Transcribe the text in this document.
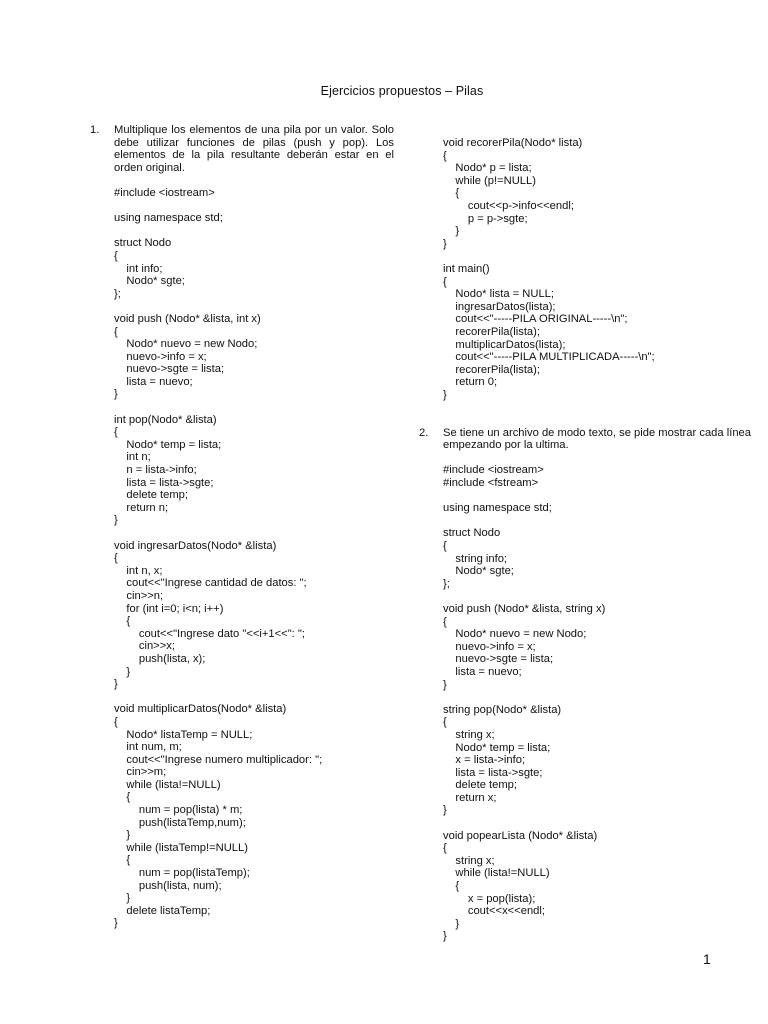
Ejercicios propuestos – Pilas
1. Multiplique los elementos de una pila por un valor. Solo debe utilizar funciones de pilas (push y pop). Los elementos de la pila resultante deberán estar en el orden original.
#include <iostream>
using namespace std;
struct Nodo
{
int info;
Nodo* sgte;
};
void push (Nodo* &lista, int x)
{
Nodo* nuevo = new Nodo;
nuevo->info = x;
nuevo->sgte = lista;
lista = nuevo;
}
int pop(Nodo* &lista)
{
Nodo* temp = lista;
int n;
n = lista->info;
lista = lista->sgte;
delete temp;
return n;
}
void ingresarDatos(Nodo* &lista)
{
int n, x;
cout<<"Ingrese cantidad de datos: ";
cin>>n;
for (int i=0; i<n; i++)
{
cout<<"Ingrese dato "<<i+1<<": ";
cin>>x;
push(lista, x);
}
}
void multiplicarDatos(Nodo* &lista)
{
Nodo* listaTemp = NULL;
int num, m;
cout<<"Ingrese numero multiplicador: ";
cin>>m;
while (lista!=NULL)
{
num = pop(lista) * m;
push(listaTemp,num);
}
while (listaTemp!=NULL)
{
num = pop(listaTemp);
push(lista, num);
}
delete listaTemp;
}
void recorerPila(Nodo* lista)
{
Nodo* p = lista;
while (p!=NULL)
{
cout<<p->info<<endl;
p = p->sgte;
}
}
int main()
{
Nodo* lista = NULL;
ingresarDatos(lista);
cout<<"-----PILA ORIGINAL-----\n";
recorerPila(lista);
multiplicarDatos(lista);
cout<<"-----PILA MULTIPLICADA-----\n";
recorerPila(lista);
return 0;
}
2. Se tiene un archivo de modo texto, se pide mostrar cada línea empezando por la ultima.
#include <iostream>
#include <fstream>
using namespace std;
struct Nodo
{
string info;
Nodo* sgte;
};
void push (Nodo* &lista, string x)
{
Nodo* nuevo = new Nodo;
nuevo->info = x;
nuevo->sgte = lista;
lista = nuevo;
}
string pop(Nodo* &lista)
{
string x;
Nodo* temp = lista;
x = lista->info;
lista = lista->sgte;
delete temp;
return x;
}
void popearLista (Nodo* &lista)
{
string x;
while (lista!=NULL)
{
x = pop(lista);
cout<<x<<endl;
}
}
1
